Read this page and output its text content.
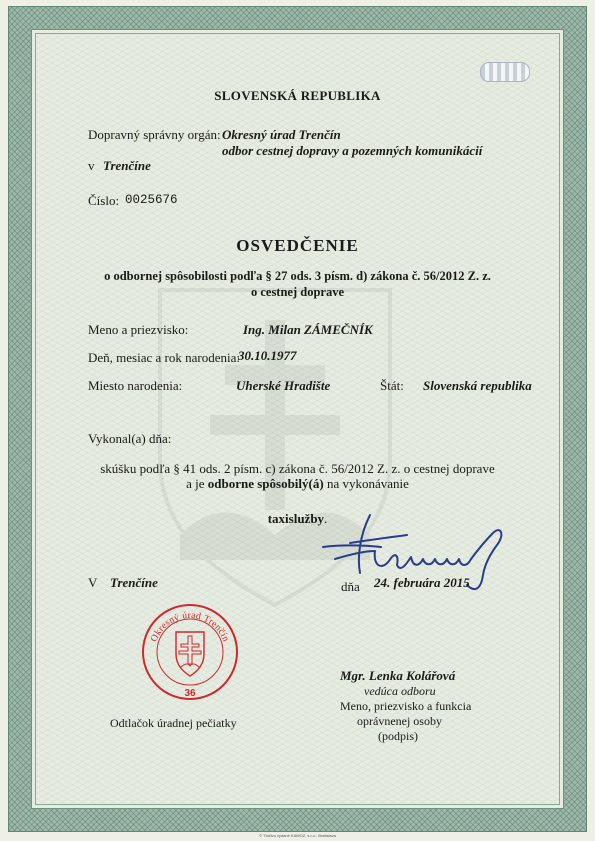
SLOVENSKÁ REPUBLIKA
Dopravný správny orgán: Okresný úrad Trenčín
odbor cestnej dopravy a pozemných komunikácií
v Trenčíne
Číslo: 0025676
OSVEDČENIE
o odbornej spôsobilosti podľa § 27 ods. 3 písm. d) zákona č. 56/2012 Z. z.
o cestnej doprave
Meno a priezvisko:	Ing. Milan ZÁMEČNÍK
Deň, mesiac a rok narodenia:
30.10.1977
Miesto narodenia:	Uherské Hradište	Štát: Slovenská republika
Vykonal(a) dňa:
skúšku podľa § 41 ods. 2 písm. c) zákona č. 56/2012 Z. z. o cestnej doprave
a je odborne spôsobilý(á) na vykonávanie
taxislužby.
V Trenčíne	dňa 24. februára 2015
Okresný úrad Trenčín
36
Odtlačok úradnej pečiatky
Mgr. Lenka Kolářová
vedúca odboru
Meno, priezvisko a funkcia
oprávnenej osoby
(podpis)
© Tlačivo vydané KAMOZ, s.r.o., Bratislava
